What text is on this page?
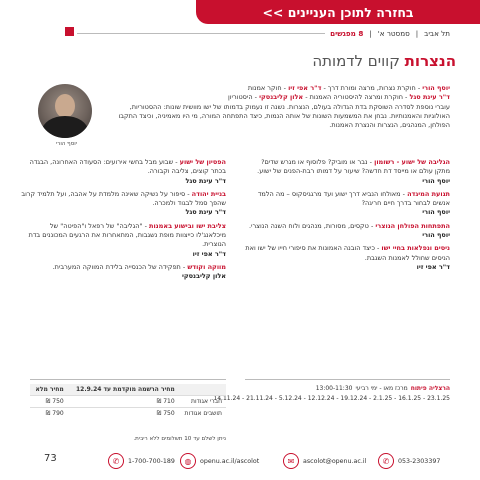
בחזרה לתוכן העניינים >>
תל אביב
|
סמסטר א'
|
8 מפגשים
הנצרות קווים לדמותה
יוסף הורי
יוסף הורי - חוקרת נצרות, מרצה ומורת דרך - ד"ר אפי זיו - חוקר אמנות
ד"ר עינת סגל - חוקרת ומרצה להיסטוריה האמנות - אלון קליבנסקי - היסטוריון
עוברי נוספת לסדרה השוסקת בדת הגדולה בעולם, הנצרות. נשנה זו נעמוק בדמותו של ישו מוושית שונות: ההסטוריות,
האולוגיות והאמנותיות. נבחן את המשמעות השונות של אותה הנמות, כיצד התפתחה המורה, מי היו מאמיניה, וכיצד התקבו
הפולחן, המנהגים, הנצרות והנצרת האמנות.
הגליבה של ישוע - רשומון - נבר או מוביק? פלוסוף או מגרש שדים? מתקן עולם או מייסד דת חדשה? שיעור על דמותו רבת-הפנים של ישוע.
יוסף הורי
תנועת המיגדה - מאולחו הנביא דרך ישוע ועד מרגגיסקוס – מה הלמד אנשים לבחור בדרך חיים חריגה?
יוסף הורי
התפתחות הפולחן הנוצרי - טקסים, מסורות, מנהגים ולוח השנה הנוצרי.
יוסף הורי
ניסים ונפלאות בחיי ישו - כיצד הובנה האמונות את סיפורי חייו של ישו ואת הניסים שחולל לאמנות השגבת.
ד"ר אפי זיו
הפסיון של ישוע - שבוע מבל בחשי אירועים: הסעודה האחרונה, הבגדה בכתר קוצים, צליבה וקבורה.
ד"ר עינת סגל
בניית יהודה - סיפור על נשיקה שאינה מלמדת על אהבה, ועל תלמיד קרוב שהפך סמל לבגוד ולמכרה.
ד"ר עינת סגל
צליבת ישו ובישוע באמנות - "הגליבה" של רפאל ו"הפיטה" של מיכלאנג'לו כייצוות מופת נשגבות, המתאחרות את הרגעים המכוננים בדת הנוצרית.
ד"ר אפי זיו
מווקה וקודש - תפקידה של הכנסייה בלידת המווקה המערבית.
אלון קליבנסקי
הרצליה פיתוח
מרכז מאו - ימי רביעי
13:00-11:30
23.1.25 - 16.1.25 - 2.1.25 - 19.12.24 - 12.12.24 - 5.12.24 - 21.11.24 - 14.11.24
	מחיר הרשמה מוקדמת עד 12.9.24	מחיר מלא
חברי אגודות	710 ₪	750 ₪
תושבים אגודות	750 ₪	790 ₪
ניתן לשלם עד 10 תשלומים ללא ריבית.
73	✆	1-700-700-189	◍	openu.ac.il/ascolot	✉	ascolot@openu.ac.il	✆	053-2303397
